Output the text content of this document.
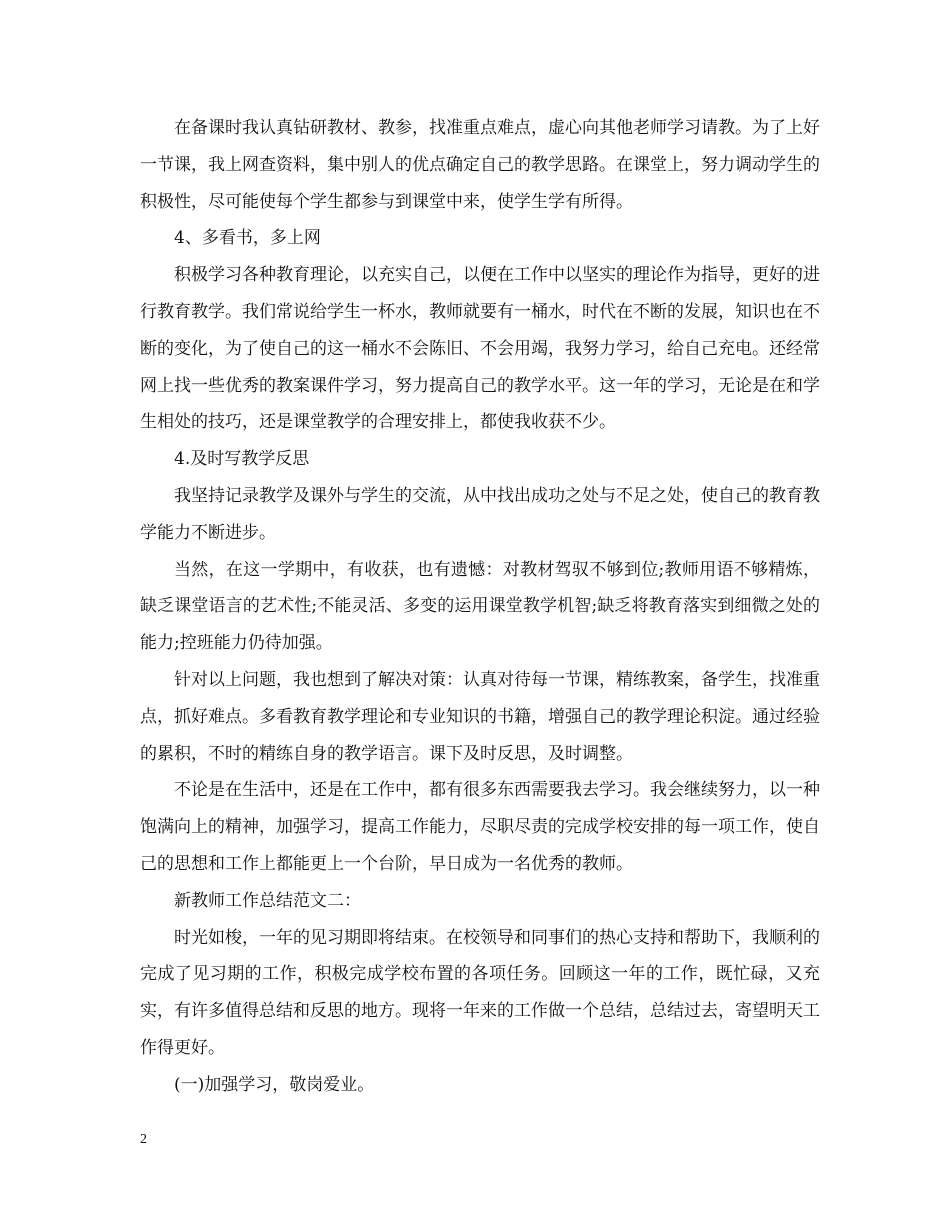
在备课时我认真钻研教材、教参，找准重点难点，虚心向其他老师学习请教。为了上好一节课，我上网查资料，集中别人的优点确定自己的教学思路。在课堂上，努力调动学生的积极性，尽可能使每个学生都参与到课堂中来，使学生学有所得。

4、多看书，多上网

积极学习各种教育理论，以充实自己，以便在工作中以坚实的理论作为指导，更好的进行教育教学。我们常说给学生一杯水，教师就要有一桶水，时代在不断的发展，知识也在不断的变化，为了使自己的这一桶水不会陈旧、不会用竭，我努力学习，给自己充电。还经常网上找一些优秀的教案课件学习，努力提高自己的教学水平。这一年的学习，无论是在和学生相处的技巧，还是课堂教学的合理安排上，都使我收获不少。

4.及时写教学反思

我坚持记录教学及课外与学生的交流，从中找出成功之处与不足之处，使自己的教育教学能力不断进步。

当然，在这一学期中，有收获，也有遗憾：对教材驾驭不够到位;教师用语不够精炼，缺乏课堂语言的艺术性;不能灵活、多变的运用课堂教学机智;缺乏将教育落实到细微之处的能力;控班能力仍待加强。

针对以上问题，我也想到了解决对策：认真对待每一节课，精练教案，备学生，找准重点，抓好难点。多看教育教学理论和专业知识的书籍，增强自己的教学理论积淀。通过经验的累积，不时的精练自身的教学语言。课下及时反思，及时调整。

不论是在生活中，还是在工作中，都有很多东西需要我去学习。我会继续努力，以一种饱满向上的精神，加强学习，提高工作能力，尽职尽责的完成学校安排的每一项工作，使自己的思想和工作上都能更上一个台阶，早日成为一名优秀的教师。

新教师工作总结范文二：

时光如梭，一年的见习期即将结束。在校领导和同事们的热心支持和帮助下，我顺利的完成了见习期的工作，积极完成学校布置的各项任务。回顾这一年的工作，既忙碌，又充实，有许多值得总结和反思的地方。现将一年来的工作做一个总结，总结过去，寄望明天工作得更好。

(一)加强学习，敬岗爱业。

2
